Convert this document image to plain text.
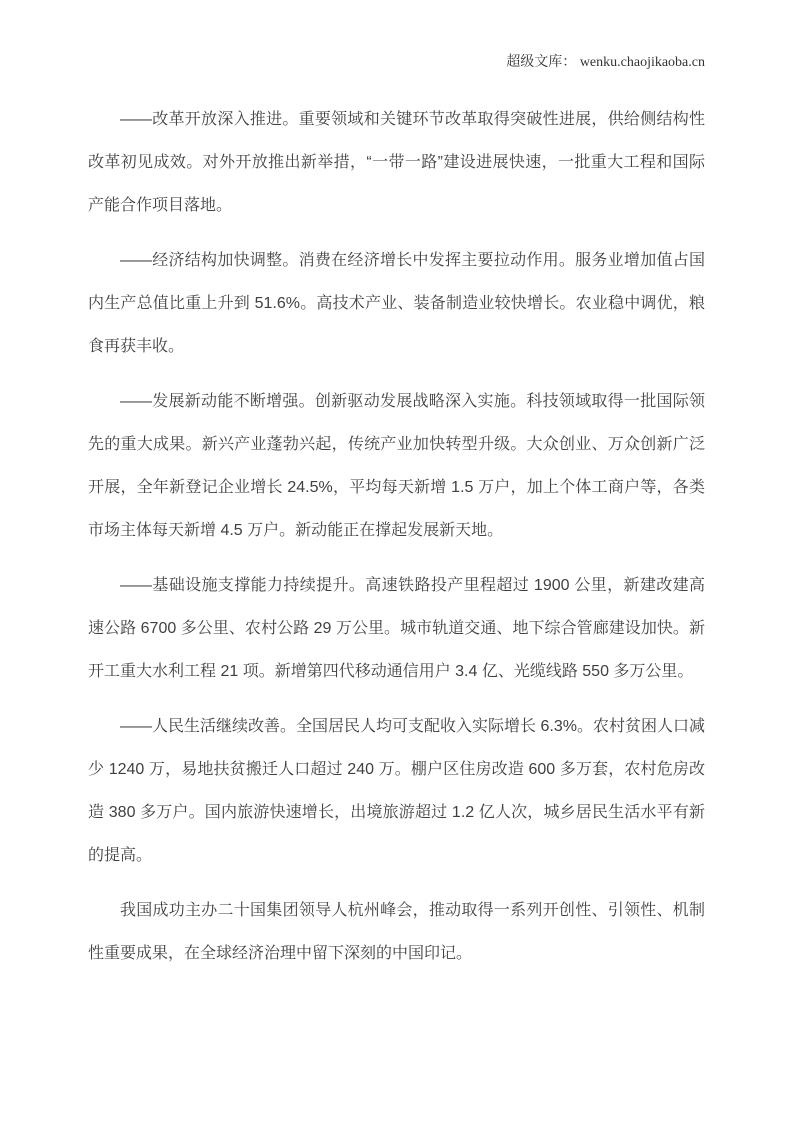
超级文库： wenku.chaojikaoba.cn

——改革开放深入推进。重要领域和关键环节改革取得突破性进展，供给侧结构性改革初见成效。对外开放推出新举措，“一带一路”建设进展快速，一批重大工程和国际产能合作项目落地。

——经济结构加快调整。消费在经济增长中发挥主要拉动作用。服务业增加值占国内生产总值比重上升到 51.6%。高技术产业、装备制造业较快增长。农业稳中调优，粮食再获丰收。

——发展新动能不断增强。创新驱动发展战略深入实施。科技领域取得一批国际领先的重大成果。新兴产业蓬勃兴起，传统产业加快转型升级。大众创业、万众创新广泛开展，全年新登记企业增长 24.5%，平均每天新增 1.5 万户，加上个体工商户等，各类市场主体每天新增 4.5 万户。新动能正在撑起发展新天地。

——基础设施支撑能力持续提升。高速铁路投产里程超过 1900 公里，新建改建高速公路 6700 多公里、农村公路 29 万公里。城市轨道交通、地下综合管廊建设加快。新开工重大水利工程 21 项。新增第四代移动通信用户 3.4 亿、光缆线路 550 多万公里。

——人民生活继续改善。全国居民人均可支配收入实际增长 6.3%。农村贫困人口减少 1240 万，易地扶贫搬迁人口超过 240 万。棚户区住房改造 600 多万套，农村危房改造 380 多万户。国内旅游快速增长，出境旅游超过 1.2 亿人次，城乡居民生活水平有新的提高。

我国成功主办二十国集团领导人杭州峰会，推动取得一系列开创性、引领性、机制性重要成果，在全球经济治理中留下深刻的中国印记。
